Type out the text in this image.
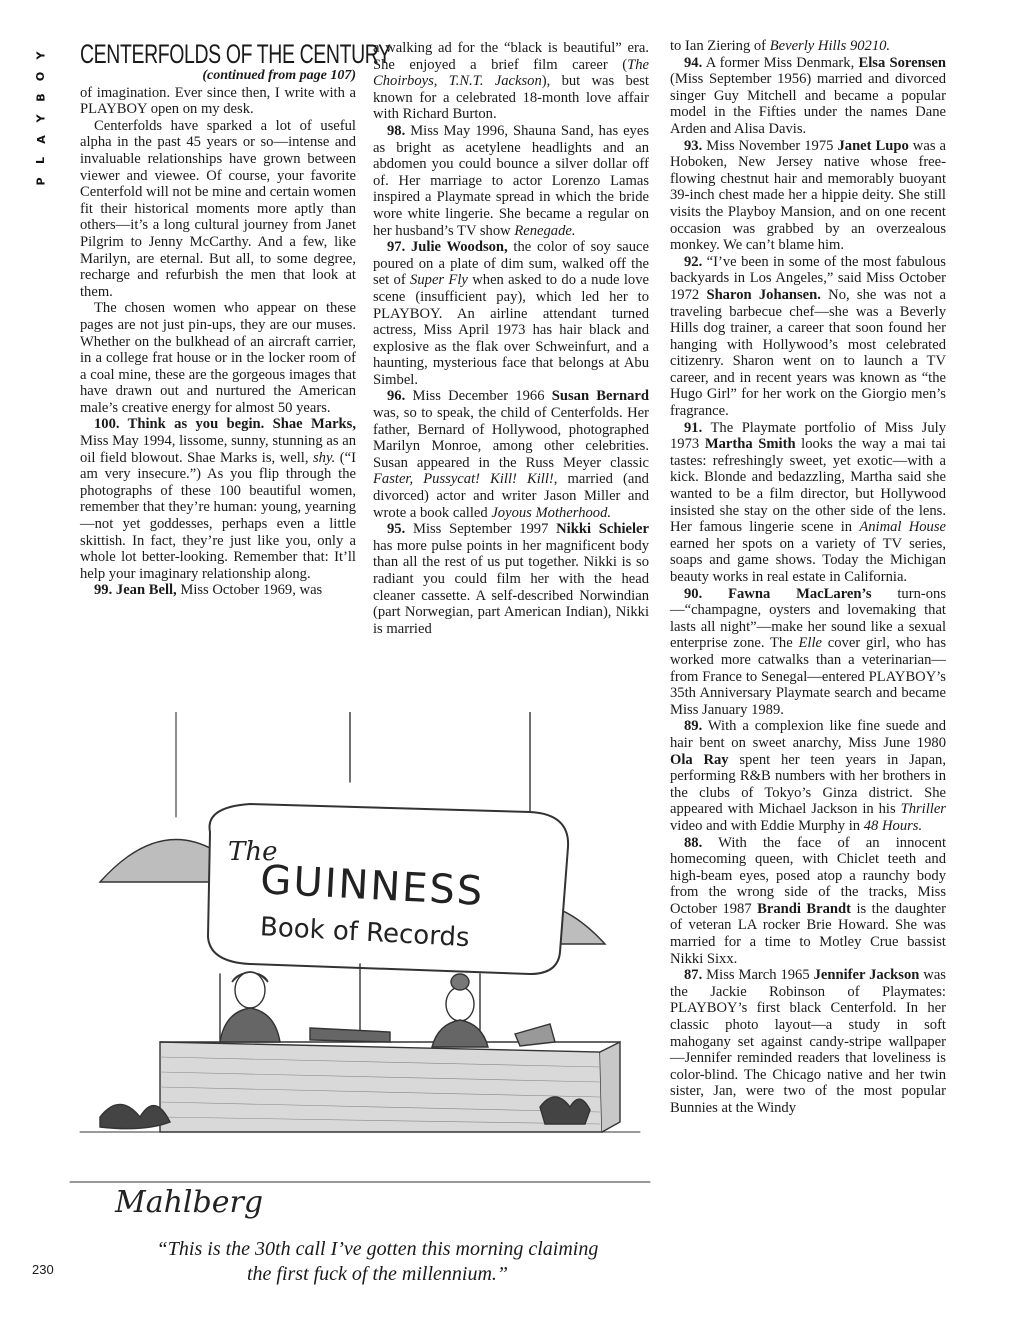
Y
O
B
Y
A
L
P
CENTERFOLDS OF THE CENTURY

(continued from page 107)

of imagination. Ever since then, I write with a PLAYBOY open on my desk.

Centerfolds have sparked a lot of useful alpha in the past 45 years or so—intense and invaluable relationships have grown between viewer and viewee. Of course, your favorite Centerfold will not be mine and certain women fit their historical moments more aptly than others—it’s a long cultural journey from Janet Pilgrim to Jenny McCarthy. And a few, like Marilyn, are eternal. But all, to some degree, recharge and refurbish the men that look at them.

The chosen women who appear on these pages are not just pin-ups, they are our muses. Whether on the bulkhead of an aircraft carrier, in a college frat house or in the locker room of a coal mine, these are the gorgeous images that have drawn out and nurtured the American male’s creative energy for almost 50 years.

100. Think as you begin. Shae Marks, Miss May 1994, lissome, sunny, stunning as an oil field blowout. Shae Marks is, well, shy. (“I am very insecure.”) As you flip through the photographs of these 100 beautiful women, remember that they’re human: young, yearning—not yet goddesses, perhaps even a little skittish. In fact, they’re just like you, only a whole lot better-looking. Remember that: It’ll help your imaginary relationship along.

99. Jean Bell, Miss October 1969, was

a walking ad for the “black is beautiful” era. She enjoyed a brief film career (The Choirboys, T.N.T. Jackson), but was best known for a celebrated 18-month love affair with Richard Burton.

98. Miss May 1996, Shauna Sand, has eyes as bright as acetylene headlights and an abdomen you could bounce a silver dollar off of. Her marriage to actor Lorenzo Lamas inspired a Playmate spread in which the bride wore white lingerie. She became a regular on her husband’s TV show Renegade.

97. Julie Woodson, the color of soy sauce poured on a plate of dim sum, walked off the set of Super Fly when asked to do a nude love scene (insufficient pay), which led her to PLAYBOY. An airline attendant turned actress, Miss April 1973 has hair black and explosive as the flak over Schweinfurt, and a haunting, mysterious face that belongs at Abu Simbel.

96. Miss December 1966 Susan Bernard was, so to speak, the child of Centerfolds. Her father, Bernard of Hollywood, photographed Marilyn Monroe, among other celebrities. Susan appeared in the Russ Meyer classic Faster, Pussycat! Kill! Kill!, married (and divorced) actor and writer Jason Miller and wrote a book called Joyous Motherhood.

95. Miss September 1997 Nikki Schieler has more pulse points in her magnificent body than all the rest of us put together. Nikki is so radiant you could film her with the head cleaner cassette. A self-described Norwindian (part Norwegian, part American Indian), Nikki is married

to Ian Ziering of Beverly Hills 90210.

94. A former Miss Denmark, Elsa Sorensen (Miss September 1956) married and divorced singer Guy Mitchell and became a popular model in the Fifties under the names Dane Arden and Alisa Davis.

93. Miss November 1975 Janet Lupo was a Hoboken, New Jersey native whose free-flowing chestnut hair and memorably buoyant 39-inch chest made her a hippie deity. She still visits the Playboy Mansion, and on one recent occasion was grabbed by an overzealous monkey. We can’t blame him.

92. “I’ve been in some of the most fabulous backyards in Los Angeles,” said Miss October 1972 Sharon Johansen. No, she was not a traveling barbecue chef—she was a Beverly Hills dog trainer, a career that soon found her hanging with Hollywood’s most celebrated citizenry. Sharon went on to launch a TV career, and in recent years was known as “the Hugo Girl” for her work on the Giorgio men’s fragrance.

91. The Playmate portfolio of Miss July 1973 Martha Smith looks the way a mai tai tastes: refreshingly sweet, yet exotic—with a kick. Blonde and bedazzling, Martha said she wanted to be a film director, but Hollywood insisted she stay on the other side of the lens. Her famous lingerie scene in Animal House earned her spots on a variety of TV series, soaps and game shows. Today the Michigan beauty works in real estate in California.

90. Fawna MacLaren’s turn-ons—“champagne, oysters and lovemaking that lasts all night”—make her sound like a sexual enterprise zone. The Elle cover girl, who has worked more catwalks than a veterinarian—from France to Senegal—entered PLAYBOY’s 35th Anniversary Playmate search and became Miss January 1989.

89. With a complexion like fine suede and hair bent on sweet anarchy, Miss June 1980 Ola Ray spent her teen years in Japan, performing R&B numbers with her brothers in the clubs of Tokyo’s Ginza district. She appeared with Michael Jackson in his Thriller video and with Eddie Murphy in 48 Hours.

88. With the face of an innocent homecoming queen, with Chiclet teeth and high-beam eyes, posed atop a raunchy body from the wrong side of the tracks, Miss October 1987 Brandi Brandt is the daughter of veteran LA rocker Brie Howard. She was married for a time to Motley Crue bassist Nikki Sixx.

87. Miss March 1965 Jennifer Jackson was the Jackie Robinson of Playmates: PLAYBOY’s first black Centerfold. In her classic photo layout—a study in soft mahogany set against candy-stripe wallpaper—Jennifer reminded readers that loveliness is color-blind. The Chicago native and her twin sister, Jan, were two of the most popular Bunnies at the Windy

The
GUINNESS
Book of Records
Mahlberg
“This is the 30th call I’ve gotten this morning claiming
the first fuck of the millennium.”
230
